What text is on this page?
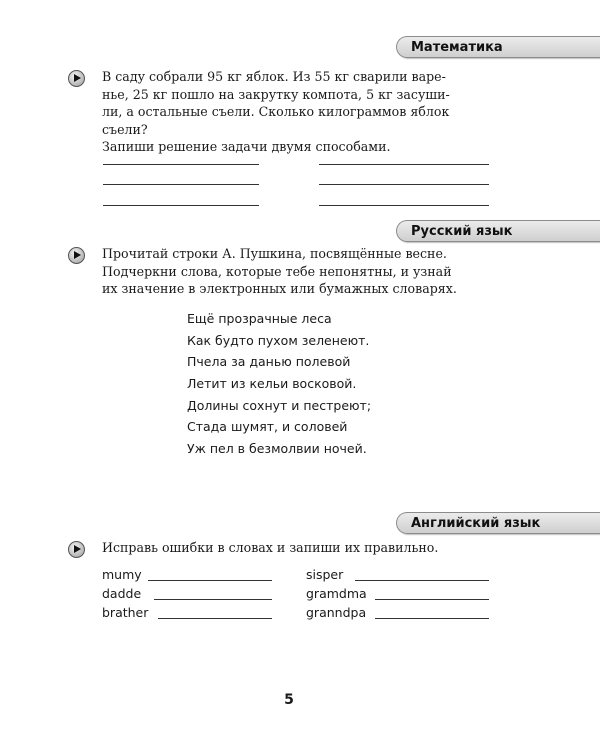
Математика

В саду собрали 95 кг яблок. Из 55 кг сварили варе-
нье, 25 кг пошло на закрутку компота, 5 кг засуши-
ли, а остальные съели. Сколько килограммов яблок
съели?
Запиши решение задачи двумя способами.

Русский язык

Прочитай строки А. Пушкина, посвящённые весне.
Подчеркни слова, которые тебе непонятны, и узнай
их значение в электронных или бумажных словарях.

Ещё прозрачные леса
Как будто пухом зеленеют.
Пчела за данью полевой
Летит из кельи восковой.
Долины сохнут и пестреют;
Стада шумят, и соловей
Уж пел в безмолвии ночей.
Английский язык

Исправь ошибки в словах и запиши их правильно.

mumy
dadde
brather
sisper
gramdma
granndpa
5
